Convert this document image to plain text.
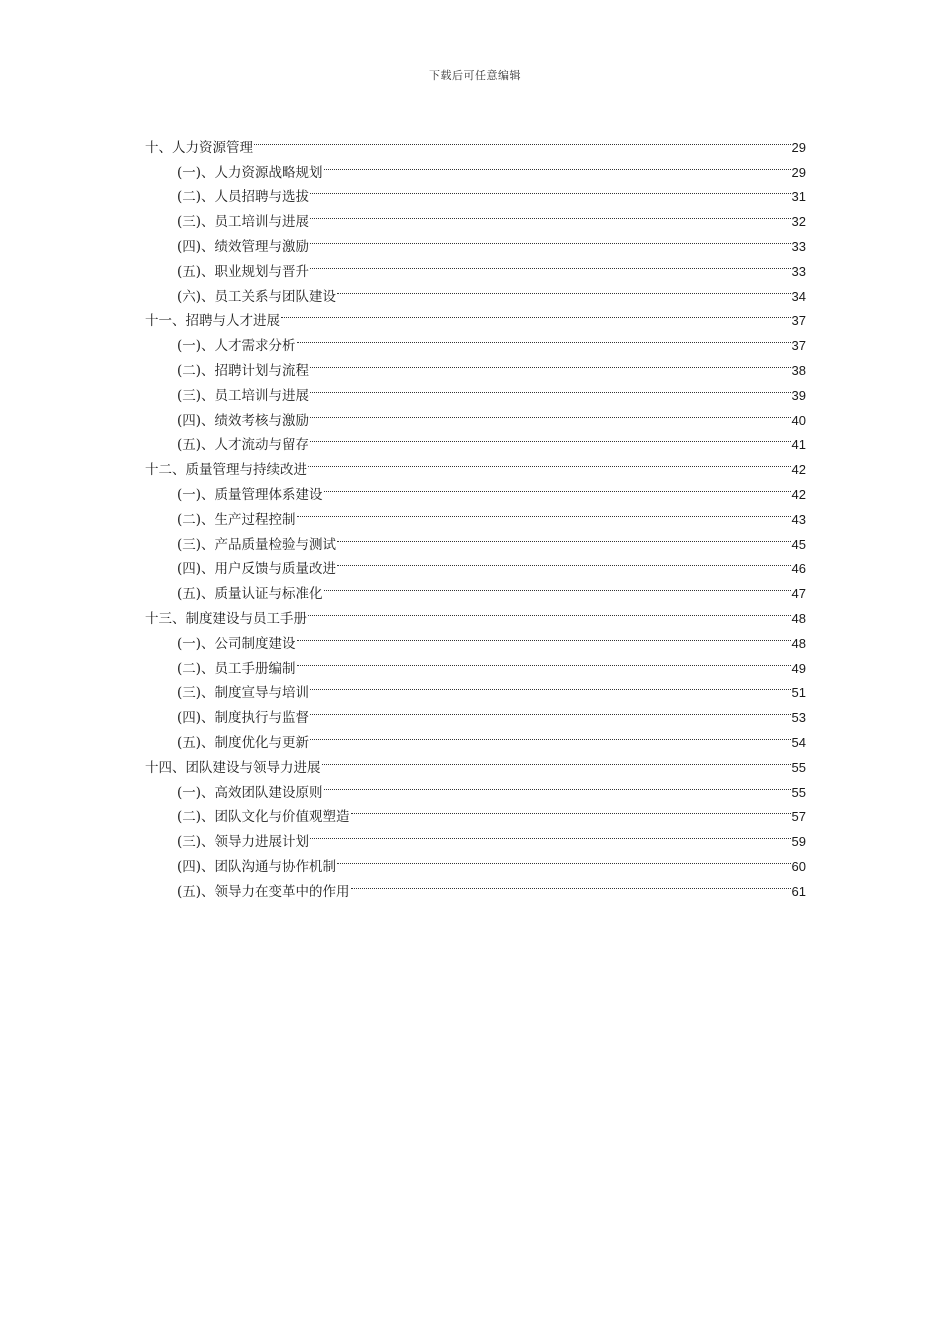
下载后可任意编辑
十、人力资源管理	29
(一)、人力资源战略规划	29
(二)、人员招聘与选拔	31
(三)、员工培训与进展	32
(四)、绩效管理与激励	33
(五)、职业规划与晋升	33
(六)、员工关系与团队建设	34
十一、招聘与人才进展	37
(一)、人才需求分析	37
(二)、招聘计划与流程	38
(三)、员工培训与进展	39
(四)、绩效考核与激励	40
(五)、人才流动与留存	41
十二、质量管理与持续改进	42
(一)、质量管理体系建设	42
(二)、生产过程控制	43
(三)、产品质量检验与测试	45
(四)、用户反馈与质量改进	46
(五)、质量认证与标准化	47
十三、制度建设与员工手册	48
(一)、公司制度建设	48
(二)、员工手册编制	49
(三)、制度宣导与培训	51
(四)、制度执行与监督	53
(五)、制度优化与更新	54
十四、团队建设与领导力进展	55
(一)、高效团队建设原则	55
(二)、团队文化与价值观塑造	57
(三)、领导力进展计划	59
(四)、团队沟通与协作机制	60
(五)、领导力在变革中的作用	61
